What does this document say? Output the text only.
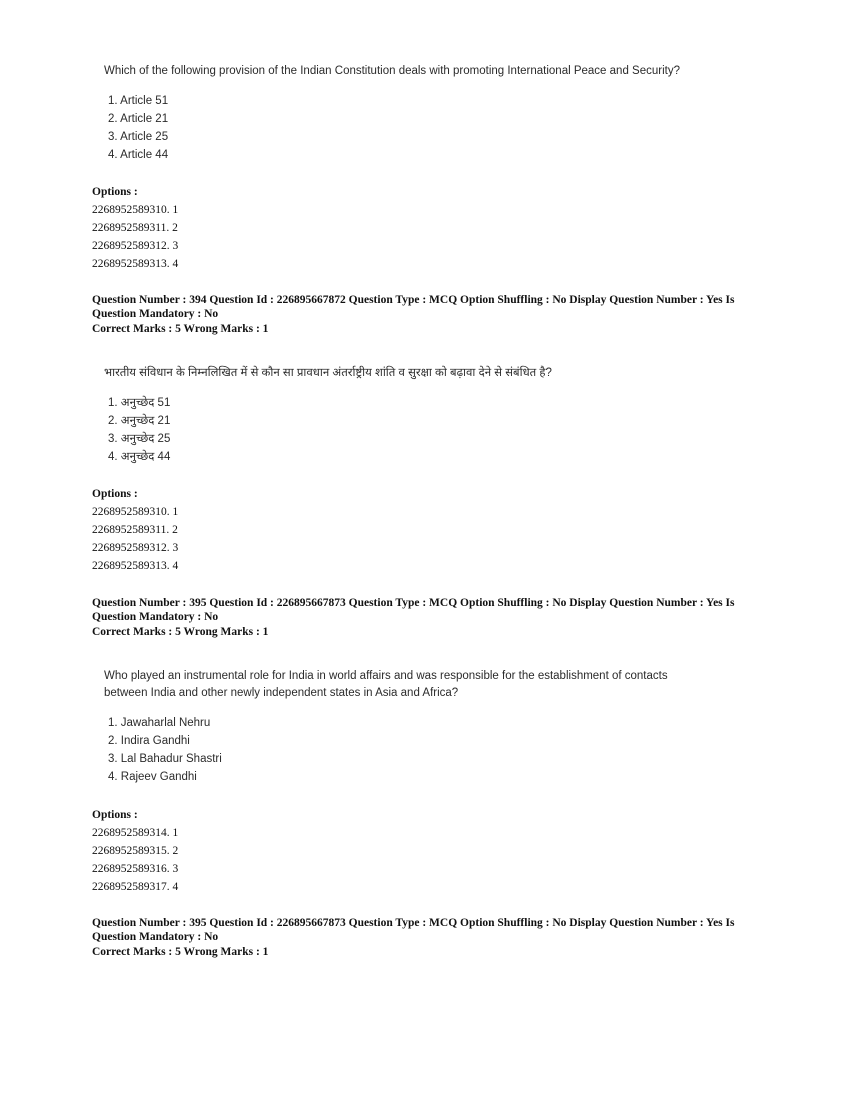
Which of the following provision of the Indian Constitution deals with promoting International Peace and Security?
1. Article 51
2. Article 21
3. Article 25
4. Article 44
Options :
2268952589310. 1
2268952589311. 2
2268952589312. 3
2268952589313. 4
Question Number : 394 Question Id : 226895667872 Question Type : MCQ Option Shuffling : No Display Question Number : Yes Is Question Mandatory : No
Correct Marks : 5 Wrong Marks : 1
भारतीय संविधान के निम्नलिखित में से कौन सा प्रावधान अंतर्राष्ट्रीय शांति व सुरक्षा को बढ़ावा देने से संबंधित है?
1. अनुच्छेद 51
2. अनुच्छेद 21
3. अनुच्छेद 25
4. अनुच्छेद 44
Options :
2268952589310. 1
2268952589311. 2
2268952589312. 3
2268952589313. 4
Question Number : 395 Question Id : 226895667873 Question Type : MCQ Option Shuffling : No Display Question Number : Yes Is Question Mandatory : No
Correct Marks : 5 Wrong Marks : 1
Who played an instrumental role for India in world affairs and was responsible for the establishment of contacts
between India and other newly independent states in Asia and Africa?
1. Jawaharlal Nehru
2. Indira Gandhi
3. Lal Bahadur Shastri
4. Rajeev Gandhi
Options :
2268952589314. 1
2268952589315. 2
2268952589316. 3
2268952589317. 4
Question Number : 395 Question Id : 226895667873 Question Type : MCQ Option Shuffling : No Display Question Number : Yes Is Question Mandatory : No
Correct Marks : 5 Wrong Marks : 1
